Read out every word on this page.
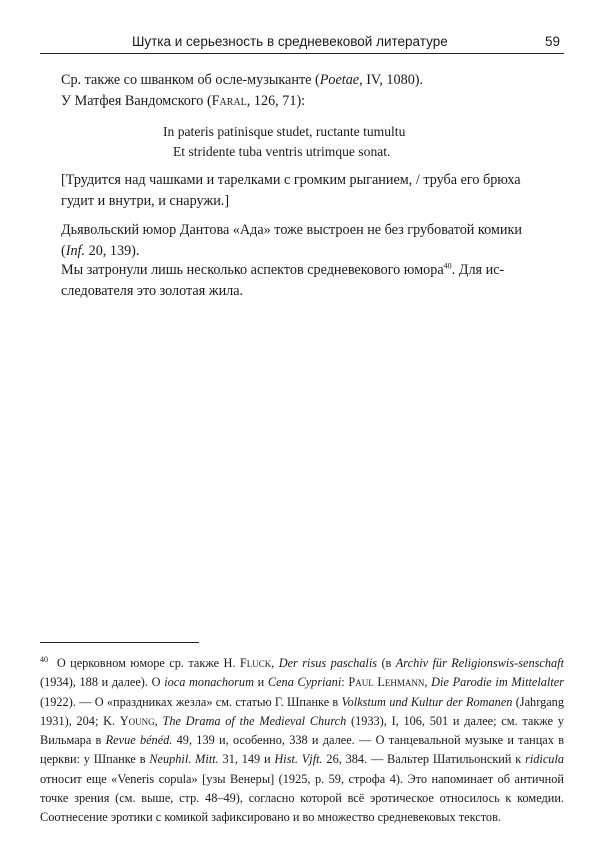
Шутка и серьезность в средневековой литературе	59

Ср. также со шванком об осле-музыканте (Poetae, IV, 1080).

У Матфея Вандомского (Faral, 126, 71):

In pateris patinisque studet, ructante tumultu

Et stridente tuba ventris utrimque sonat.

[Трудится над чашками и тарелками с громким рыганием, / труба его брюха

гудит и внутри, и снаружи.]

Дьявольский юмор Дантова «Ада» тоже выстроен не без грубоватой комики

(Inf. 20, 139).

Мы затронули лишь несколько аспектов средневекового юмора$^{40}$. Для ис-

следователя это золотая жила.

$^{40}$ О церковном юморе ср. также H. Fluck, Der risus paschalis (в Archiv für Religionswis-senschaft (1934), 188 и далее). О ioca monachorum и Cena Cypriani: Paul Lehmann, Die Parodie im Mittelalter (1922). — О «праздниках жезла» см. статью Г. Шпанке в Volkstum und Kultur der Romanen (Jahrgang 1931), 204; K. Young, The Drama of the Medieval Church (1933), I, 106, 501 и далее; см. также у Вильмара в Revue bénéd. 49, 139 и, особенно, 338 и далее. — О танцевальной музыке и танцах в церкви: у Шпанке в Neuphil. Mitt. 31, 149 и Hist. Vjft. 26, 384. — Вальтер Шатильонский к ridicula относит еще «Veneris copula» [узы Венеры] (1925, p. 59, строфа 4). Это напоминает об античной точке зрения (см. выше, стр. 48–49), согласно которой всё эротическое относилось к комедии. Соотнесение эротики с комикой зафиксировано и во множество средневековых текстов.
